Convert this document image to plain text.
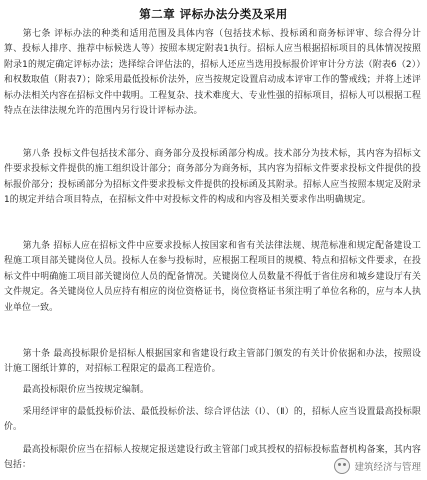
第二章 评标办法分类及采用

第七条 评标办法的种类和适用范围及具体内容（包括技术标、投标函和商务标评审、综合得分计算、投标人排序、推荐中标候选人等）按照本规定附表1执行。招标人应当根据招标项目的具体情况按照附录1的规定确定评标办法；选择综合评估法的，招标人还应当选用投标报价评审计分方法（附表6（2））和权数取值（附表7）；除采用最低投标价法外，应当按规定设置启动成本评审工作的警戒线；并将上述评标办法相关内容在招标文件中载明。工程复杂、技术难度大、专业性强的招标项目，招标人可以根据工程特点在法律法规允许的范围内另行设计评标办法。

第八条 投标文件包括技术部分、商务部分及投标函部分构成。技术部分为技术标，其内容为招标文件要求投标文件提供的施工组织设计部分；商务部分为商务标，其内容为招标文件要求投标文件提供的投标报价部分；投标函部分为招标文件要求投标文件提供的投标函及其附录。招标人应当按照本规定及附录1的规定并结合项目特点，在招标文件中对投标文件的构成和内容及相关要求作出明确规定。

第九条 招标人应在招标文件中应要求投标人按国家和省有关法律法规、规范标准和规定配备建设工程施工项目部关键岗位人员。投标人在参与投标时，应根据工程项目的规模、特点和招标文件要求，在投标文件中明确施工项目部关键岗位人员的配备情况。关键岗位人员数量不得低于省住房和城乡建设厅有关文件规定。各关键岗位人员应持有相应的岗位资格证书，岗位资格证书须注明了单位名称的，应与本人执业单位一致。

第十条 最高投标限价是招标人根据国家和省建设行政主管部门颁发的有关计价依据和办法，按照设计施工图纸计算的，对招标工程限定的最高工程造价。

最高投标限价应当按规定编制。

采用经评审的最低投标价法、最低投标价法、综合评估法（Ⅰ）、（Ⅱ）的，招标人应当设置最高投标限价。

最高投标限价应当在招标人按规定报送建设行政主管部门或其授权的招标投标监督机构备案，其内容包括：	建筑经济与管理
